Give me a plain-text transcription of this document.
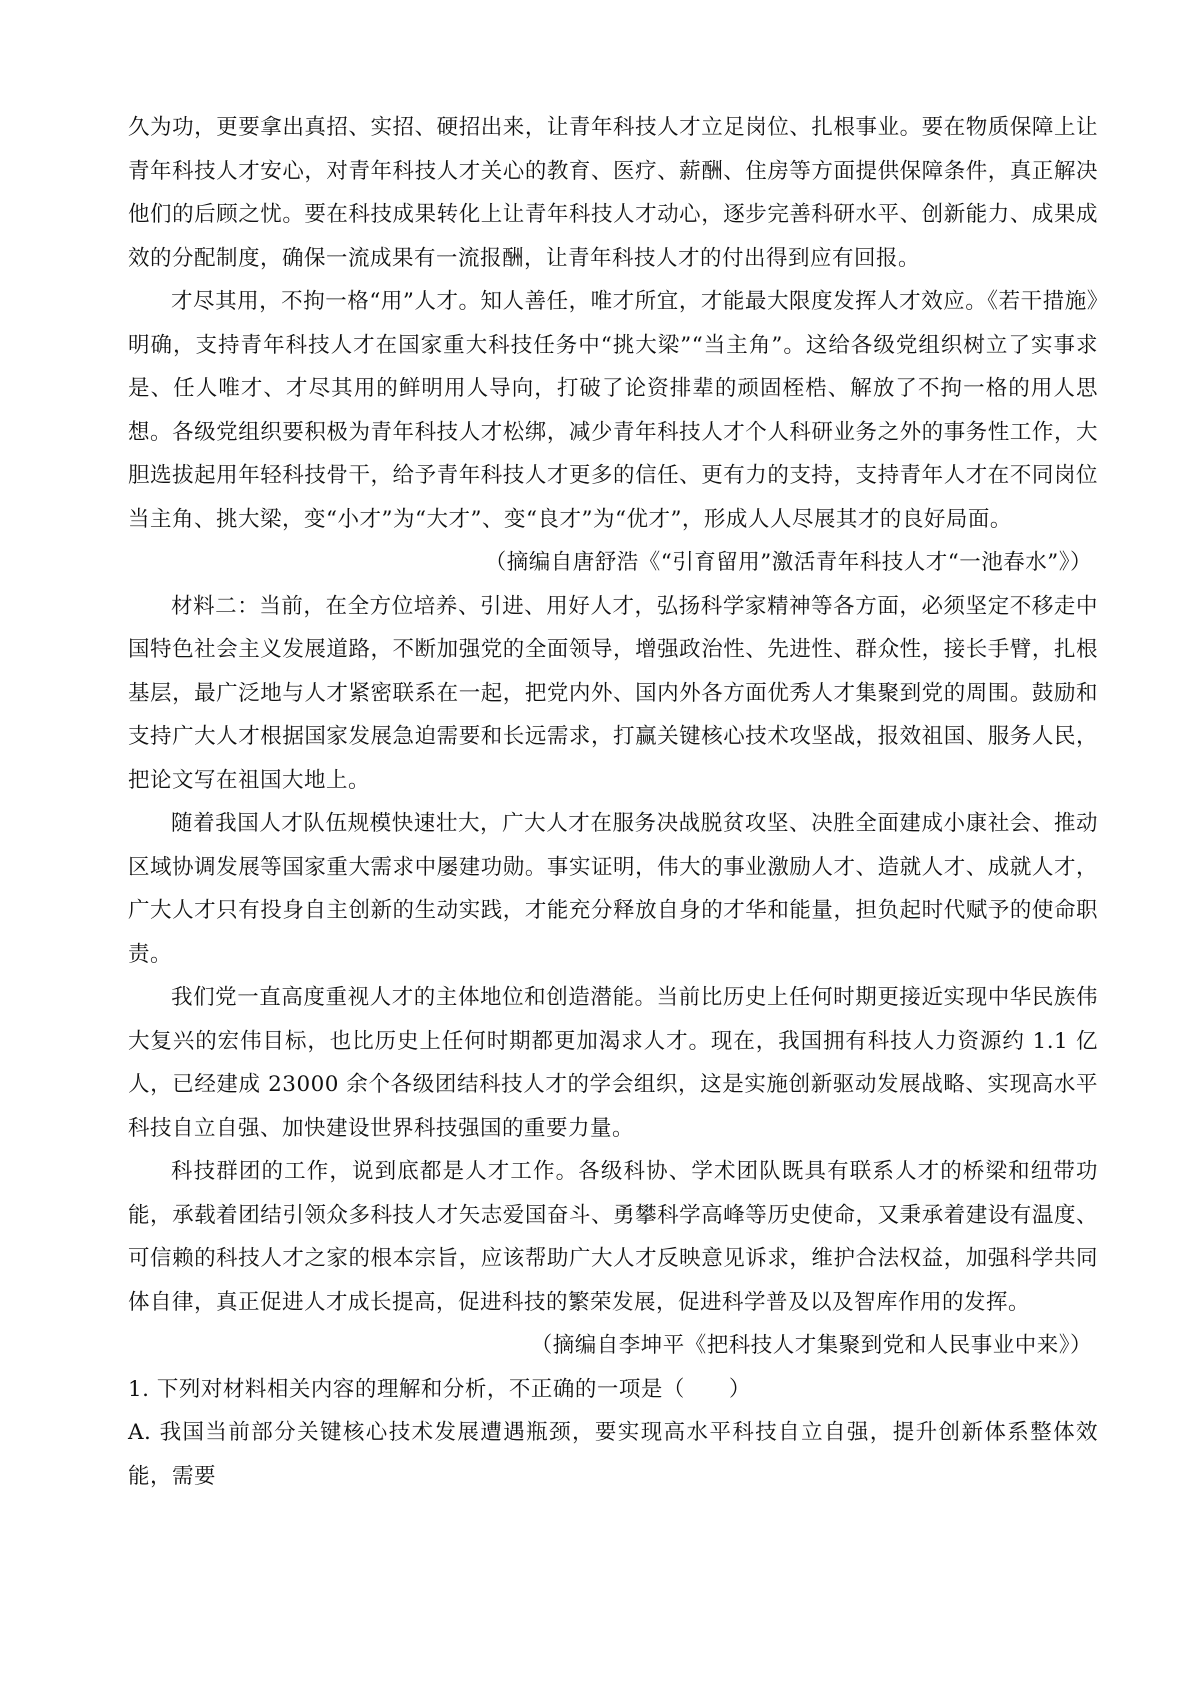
久为功，更要拿出真招、实招、硬招出来，让青年科技人才立足岗位、扎根事业。要在物质保障上让青年科技人才安心，对青年科技人才关心的教育、医疗、薪酬、住房等方面提供保障条件，真正解决他们的后顾之忧。要在科技成果转化上让青年科技人才动心，逐步完善科研水平、创新能力、成果成效的分配制度，确保一流成果有一流报酬，让青年科技人才的付出得到应有回报。

才尽其用，不拘一格“用”人才。知人善任，唯才所宜，才能最大限度发挥人才效应。《若干措施》明确，支持青年科技人才在国家重大科技任务中“挑大梁”“当主角”。这给各级党组织树立了实事求是、任人唯才、才尽其用的鲜明用人导向，打破了论资排辈的顽固桎梏、解放了不拘一格的用人思想。各级党组织要积极为青年科技人才松绑，减少青年科技人才个人科研业务之外的事务性工作，大胆选拔起用年轻科技骨干，给予青年科技人才更多的信任、更有力的支持，支持青年人才在不同岗位当主角、挑大梁，变“小才”为“大才”、变“良才”为“优才”，形成人人尽展其才的良好局面。

（摘编自唐舒浩《“引育留用”激活青年科技人才“一池春水”》）

材料二：当前，在全方位培养、引进、用好人才，弘扬科学家精神等各方面，必须坚定不移走中国特色社会主义发展道路，不断加强党的全面领导，增强政治性、先进性、群众性，接长手臂，扎根基层，最广泛地与人才紧密联系在一起，把党内外、国内外各方面优秀人才集聚到党的周围。鼓励和支持广大人才根据国家发展急迫需要和长远需求，打赢关键核心技术攻坚战，报效祖国、服务人民，把论文写在祖国大地上。

随着我国人才队伍规模快速壮大，广大人才在服务决战脱贫攻坚、决胜全面建成小康社会、推动区域协调发展等国家重大需求中屡建功勋。事实证明，伟大的事业激励人才、造就人才、成就人才，广大人才只有投身自主创新的生动实践，才能充分释放自身的才华和能量，担负起时代赋予的使命职责。

我们党一直高度重视人才的主体地位和创造潜能。当前比历史上任何时期更接近实现中华民族伟大复兴的宏伟目标，也比历史上任何时期都更加渴求人才。现在，我国拥有科技人力资源约 1.1 亿人，已经建成 23000 余个各级团结科技人才的学会组织，这是实施创新驱动发展战略、实现高水平科技自立自强、加快建设世界科技强国的重要力量。

科技群团的工作，说到底都是人才工作。各级科协、学术团队既具有联系人才的桥梁和纽带功能，承载着团结引领众多科技人才矢志爱国奋斗、勇攀科学高峰等历史使命，又秉承着建设有温度、可信赖的科技人才之家的根本宗旨，应该帮助广大人才反映意见诉求，维护合法权益，加强科学共同体自律，真正促进人才成长提高，促进科技的繁荣发展，促进科学普及以及智库作用的发挥。

（摘编自李坤平《把科技人才集聚到党和人民事业中来》）

1. 下列对材料相关内容的理解和分析，不正确的一项是（　　）

A. 我国当前部分关键核心技术发展遭遇瓶颈，要实现高水平科技自立自强，提升创新体系整体效能，需要
